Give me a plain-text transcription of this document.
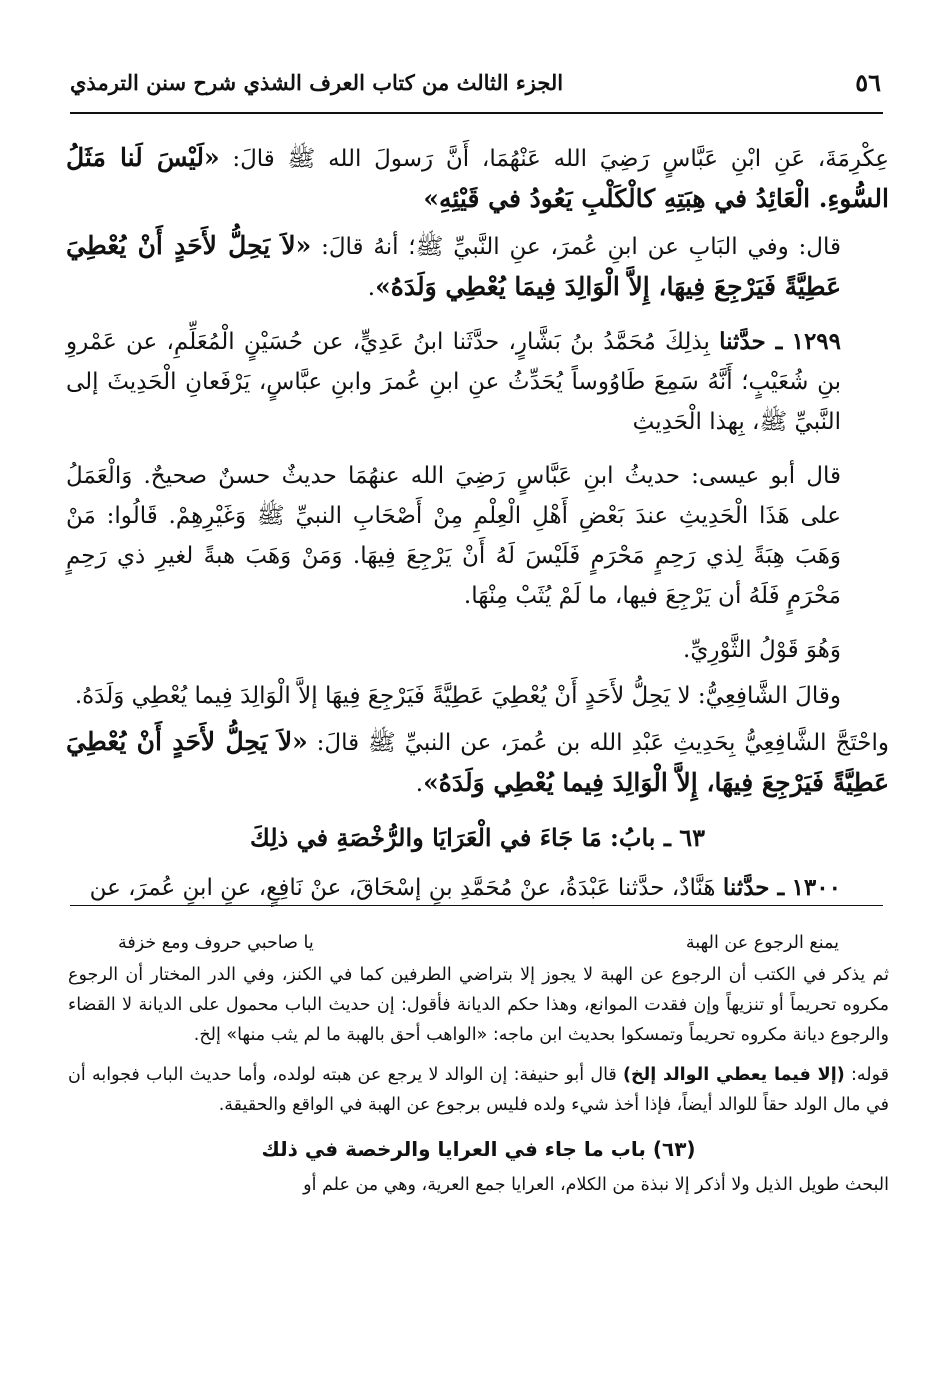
٥٦
الجزء الثالث من كتاب العرف الشذي شرح سنن الترمذي

عِكْرِمَةَ، عَنِ ابْنِ عَبَّاسٍ رَضِيَ الله عَنْهُمَا، أَنَّ رَسولَ الله ﷺ قالَ: «لَيْسَ لَنا مَثَلُ السُّوءِ. الْعَائِدُ في هِبَتِهِ كالْكَلْبِ يَعُودُ في قَيْئِهِ»

قال: وفي البَابِ عن ابنِ عُمرَ، عنِ النَّبيِّ ﷺ؛ أنهُ قالَ: «لاَ يَحِلُّ لأَحَدٍ أَنْ يُعْطِيَ عَطِيَّةً فَيَرْجِعَ فِيهَا، إِلاَّ الْوَالِدَ فِيمَا يُعْطِي وَلَدَهُ».

١٢٩٩ ـ حدَّثنا بِذلِكَ مُحَمَّدُ بنُ بَشَّارٍ، حدَّثَنا ابنُ عَدِيٍّ، عن حُسَيْنٍ الْمُعَلِّمِ، عن عَمْروِ بنِ شُعَيْبٍ؛ أَنَّهُ سَمِعَ طَاوُوساً يُحَدِّثُ عنِ ابنِ عُمرَ وابنِ عبَّاسٍ، يَرْفَعانِ الْحَدِيثَ إلى النَّبيِّ ﷺ، بِهذا الْحَدِيثِ

قال أبو عيسى: حديثُ ابنِ عَبَّاسٍ رَضِيَ الله عنهُمَا حديثٌ حسنٌ صحيحٌ. وَالْعَمَلُ على هَذَا الْحَدِيثِ عندَ بَعْضِ أَهْلِ الْعِلْمِ مِنْ أَصْحَابِ النبيِّ ﷺ وَغَيْرِهِمْ. قَالُوا: مَنْ وَهَبَ هِبَةً لِذي رَحِمٍ مَحْرَمٍ فَلَيْسَ لَهُ أَنْ يَرْجِعَ فِيهَا. وَمَنْ وَهَبَ هبةً لغيرِ ذي رَحِمٍ مَحْرَمٍ فَلَهُ أن يَرْجِعَ فيها، ما لَمْ يُثَبْ مِنْهَا.

وَهُوَ قَوْلُ الثَّوْرِيِّ.

وقالَ الشَّافِعِيُّ: لا يَحِلُّ لأَحَدٍ أَنْ يُعْطِيَ عَطِيَّةً فَيَرْجِعَ فِيهَا إلاَّ الْوَالِدَ فِيما يُعْطِي وَلَدَهُ.

واحْتَجَّ الشَّافِعِيُّ بِحَدِيثِ عَبْدِ الله بن عُمرَ، عن النبيِّ ﷺ قالَ: «لاَ يَحِلُّ لأَحَدٍ أَنْ يُعْطِيَ عَطِيَّةً فَيَرْجِعَ فِيهَا، إِلاَّ الْوَالِدَ فِيما يُعْطِي وَلَدَهُ».

٦٣ ـ بابُ: مَا جَاءَ في الْعَرَايَا والرُّخْصَةِ في ذلِكَ

١٣٠٠ ـ حدَّثنا هَنَّادٌ، حدَّثنا عَبْدَةُ، عنْ مُحَمَّدِ بنِ إسْحَاقَ، عنْ نَافِعٍ، عنِ ابنِ عُمرَ، عن

يمنع الرجوع عن الهبة
يا صاحبي حروف ومع خزفة

ثم يذكر في الكتب أن الرجوع عن الهبة لا يجوز إلا بتراضي الطرفين كما في الكنز، وفي الدر المختار أن الرجوع مكروه تحريماً أو تنزيهاً وإن فقدت الموانع، وهذا حكم الديانة فأقول: إن حديث الباب محمول على الديانة لا القضاء والرجوع ديانة مكروه تحريماً وتمسكوا بحديث ابن ماجه: «الواهب أحق بالهبة ما لم يثب منها» إلخ.

قوله: (إلا فيما يعطي الوالد إلخ) قال أبو حنيفة: إن الوالد لا يرجع عن هبته لولده، وأما حديث الباب فجوابه أن في مال الولد حقاً للوالد أيضاً، فإذا أخذ شيء ولده فليس برجوع عن الهبة في الواقع والحقيقة.

(٦٣) باب ما جاء في العرايا والرخصة في ذلك

البحث طويل الذيل ولا أذكر إلا نبذة من الكلام، العرايا جمع العرية، وهي من علم أو
